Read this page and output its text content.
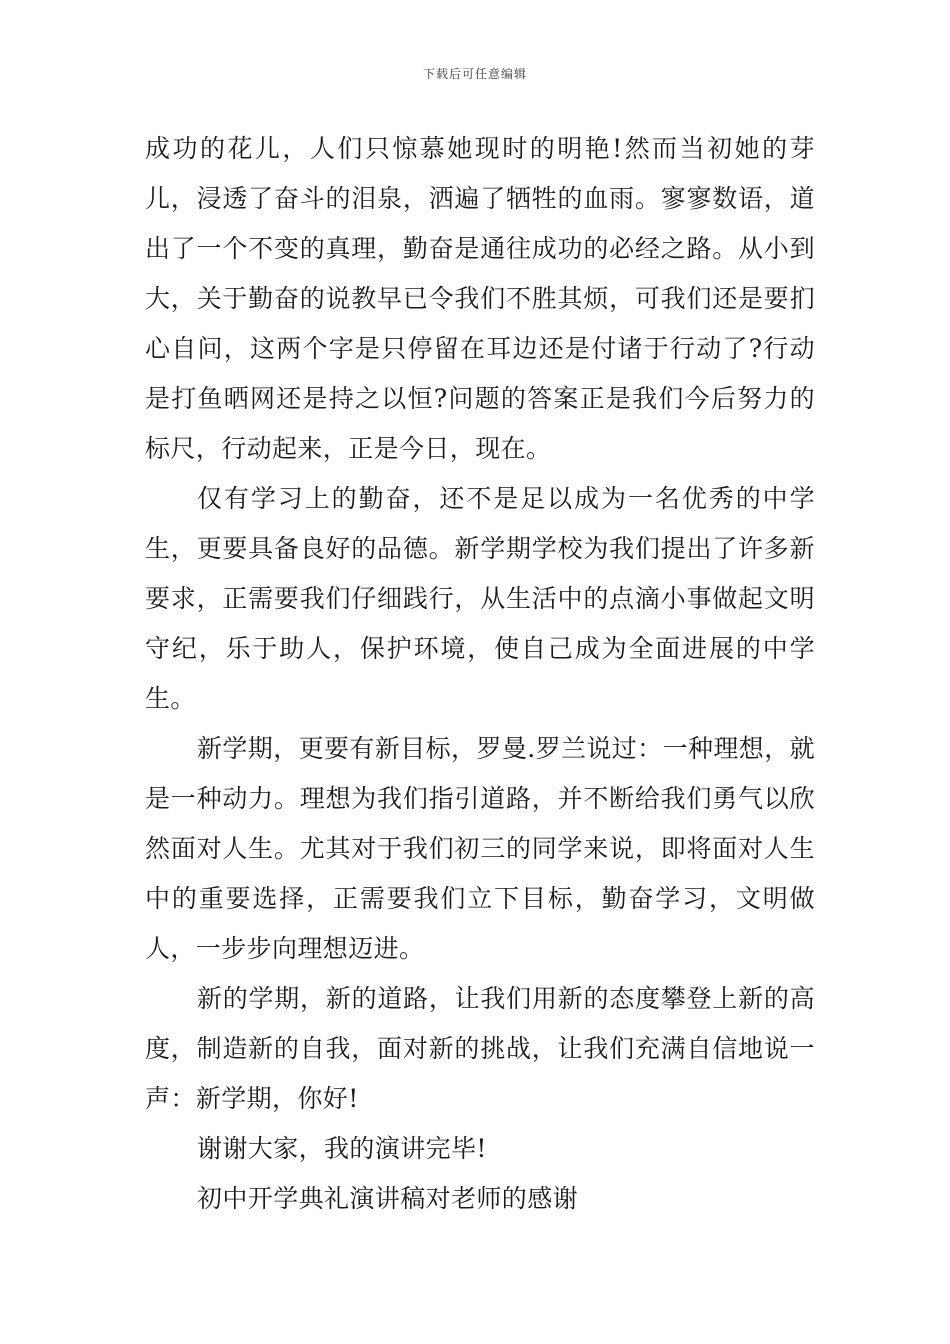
下载后可任意编辑

成功的花儿，人们只惊慕她现时的明艳!然而当初她的芽儿，浸透了奋斗的泪泉，洒遍了牺牲的血雨。寥寥数语，道出了一个不变的真理，勤奋是通往成功的必经之路。从小到大，关于勤奋的说教早已令我们不胜其烦，可我们还是要扪心自问，这两个字是只停留在耳边还是付诸于行动了?行动是打鱼晒网还是持之以恒?问题的答案正是我们今后努力的标尺，行动起来，正是今日，现在。

仅有学习上的勤奋，还不是足以成为一名优秀的中学生，更要具备良好的品德。新学期学校为我们提出了许多新要求，正需要我们仔细践行，从生活中的点滴小事做起文明守纪，乐于助人，保护环境，使自己成为全面进展的中学生。

新学期，更要有新目标，罗曼.罗兰说过：一种理想，就是一种动力。理想为我们指引道路，并不断给我们勇气以欣然面对人生。尤其对于我们初三的同学来说，即将面对人生中的重要选择，正需要我们立下目标，勤奋学习，文明做人，一步步向理想迈进。

新的学期，新的道路，让我们用新的态度攀登上新的高度，制造新的自我，面对新的挑战，让我们充满自信地说一声：新学期，你好!

谢谢大家，我的演讲完毕!

初中开学典礼演讲稿对老师的感谢
